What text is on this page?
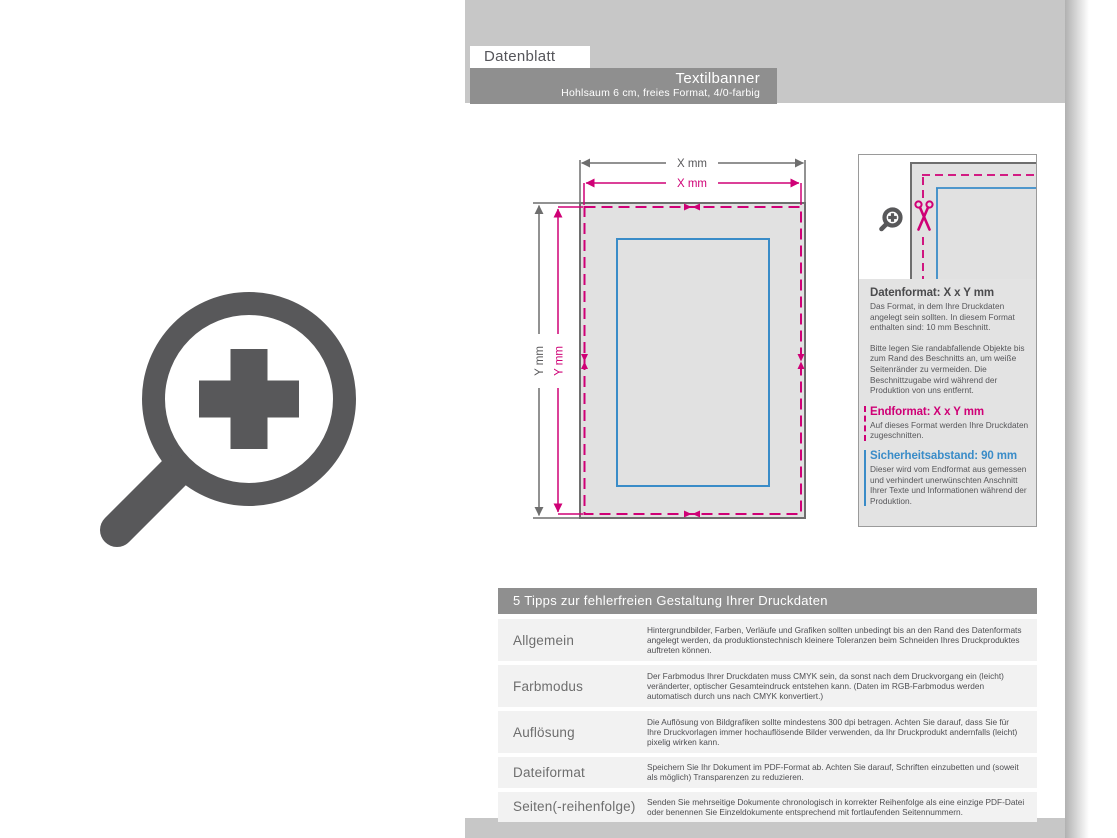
Datenblatt
Textilbanner
Hohlsaum 6 cm, freies Format, 4/0-farbig
X mm
X mm
Y mm Y mm
Datenformat: X x Y mm

Das Format, in dem Ihre Druckdaten angelegt sein sollten. In diesem Format enthalten sind: 10 mm Beschnitt.

Bitte legen Sie randabfallende Objekte bis zum Rand des Beschnitts an, um weiße Seitenränder zu vermeiden. Die Beschnittzugabe wird während der Produktion von uns entfernt.

Endformat: X x Y mm

Auf dieses Format werden Ihre Druckdaten zugeschnitten.

Sicherheitsabstand: 90 mm

Dieser wird vom Endformat aus gemessen und verhindert unerwünschten Anschnitt Ihrer Texte und Informationen während der Produktion.

5 Tipps zur fehlerfreien Gestaltung Ihrer Druckdaten
Allgemein
Hintergrundbilder, Farben, Verläufe und Grafiken sollten unbedingt bis an den Rand des Datenformats angelegt werden, da produktionstechnisch kleinere Toleranzen beim Schneiden Ihres Druckproduktes auftreten können.
Farbmodus
Der Farbmodus Ihrer Druckdaten muss CMYK sein, da sonst nach dem Druckvorgang ein (leicht) veränderter, optischer Gesamteindruck entstehen kann. (Daten im RGB-Farbmodus werden automatisch durch uns nach CMYK konvertiert.)
Auflösung
Die Auflösung von Bildgrafiken sollte mindestens 300 dpi betragen. Achten Sie darauf, dass Sie für Ihre Druckvorlagen immer hochauflösende Bilder verwenden, da Ihr Druckprodukt andernfalls (leicht) pixelig wirken kann.
Dateiformat	Speichern Sie Ihr Dokument im PDF-Format ab. Achten Sie darauf, Schriften einzubetten und (soweit als möglich) Transparenzen zu reduzieren.
Seiten(-reihenfolge)	Senden Sie mehrseitige Dokumente chronologisch in korrekter Reihenfolge als eine einzige PDF-Datei oder benennen Sie Einzeldokumente entsprechend mit fortlaufenden Seitennummern.
